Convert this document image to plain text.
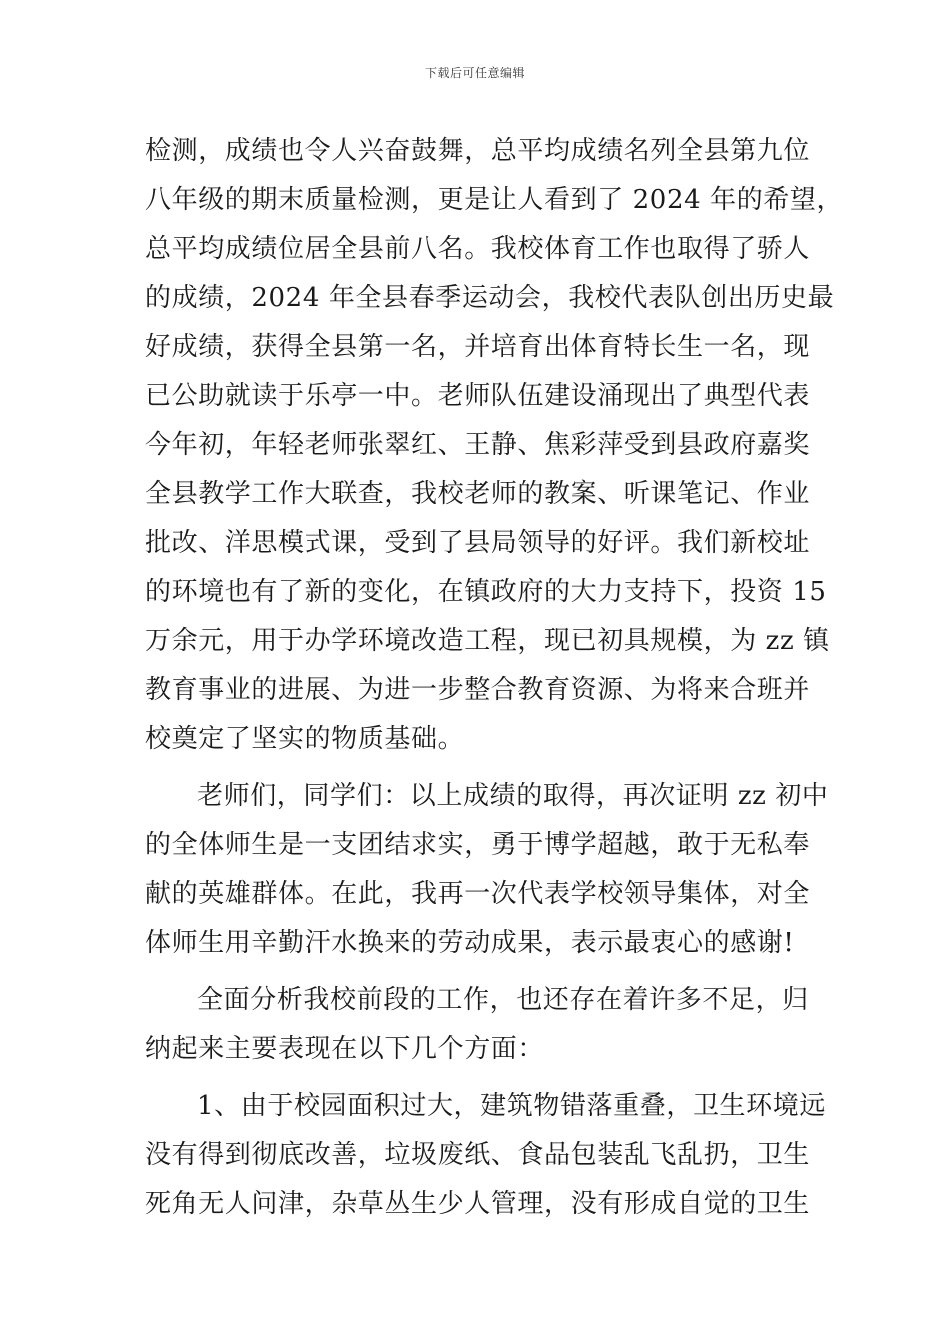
下载后可任意编辑
检测，成绩也令人兴奋鼓舞，总平均成绩名列全县第九位
八年级的期末质量检测，更是让人看到了 2024 年的希望，
总平均成绩位居全县前八名。我校体育工作也取得了骄人
的成绩，2024 年全县春季运动会，我校代表队创出历史最
好成绩，获得全县第一名，并培育出体育特长生一名，现
已公助就读于乐亭一中。老师队伍建设涌现出了典型代表
今年初，年轻老师张翠红、王静、焦彩萍受到县政府嘉奖
全县教学工作大联查，我校老师的教案、听课笔记、作业
批改、洋思模式课，受到了县局领导的好评。我们新校址
的环境也有了新的变化，在镇政府的大力支持下，投资 15
万余元，用于办学环境改造工程，现已初具规模，为 zz 镇
教育事业的进展、为进一步整合教育资源、为将来合班并
校奠定了坚实的物质基础。
老师们，同学们：以上成绩的取得，再次证明 zz 初中
的全体师生是一支团结求实，勇于博学超越，敢于无私奉
献的英雄群体。在此，我再一次代表学校领导集体，对全
体师生用辛勤汗水换来的劳动成果，表示最衷心的感谢!
全面分析我校前段的工作，也还存在着许多不足，归
纳起来主要表现在以下几个方面：
1、由于校园面积过大，建筑物错落重叠，卫生环境远
没有得到彻底改善，垃圾废纸、食品包装乱飞乱扔，卫生
死角无人问津，杂草丛生少人管理，没有形成自觉的卫生
